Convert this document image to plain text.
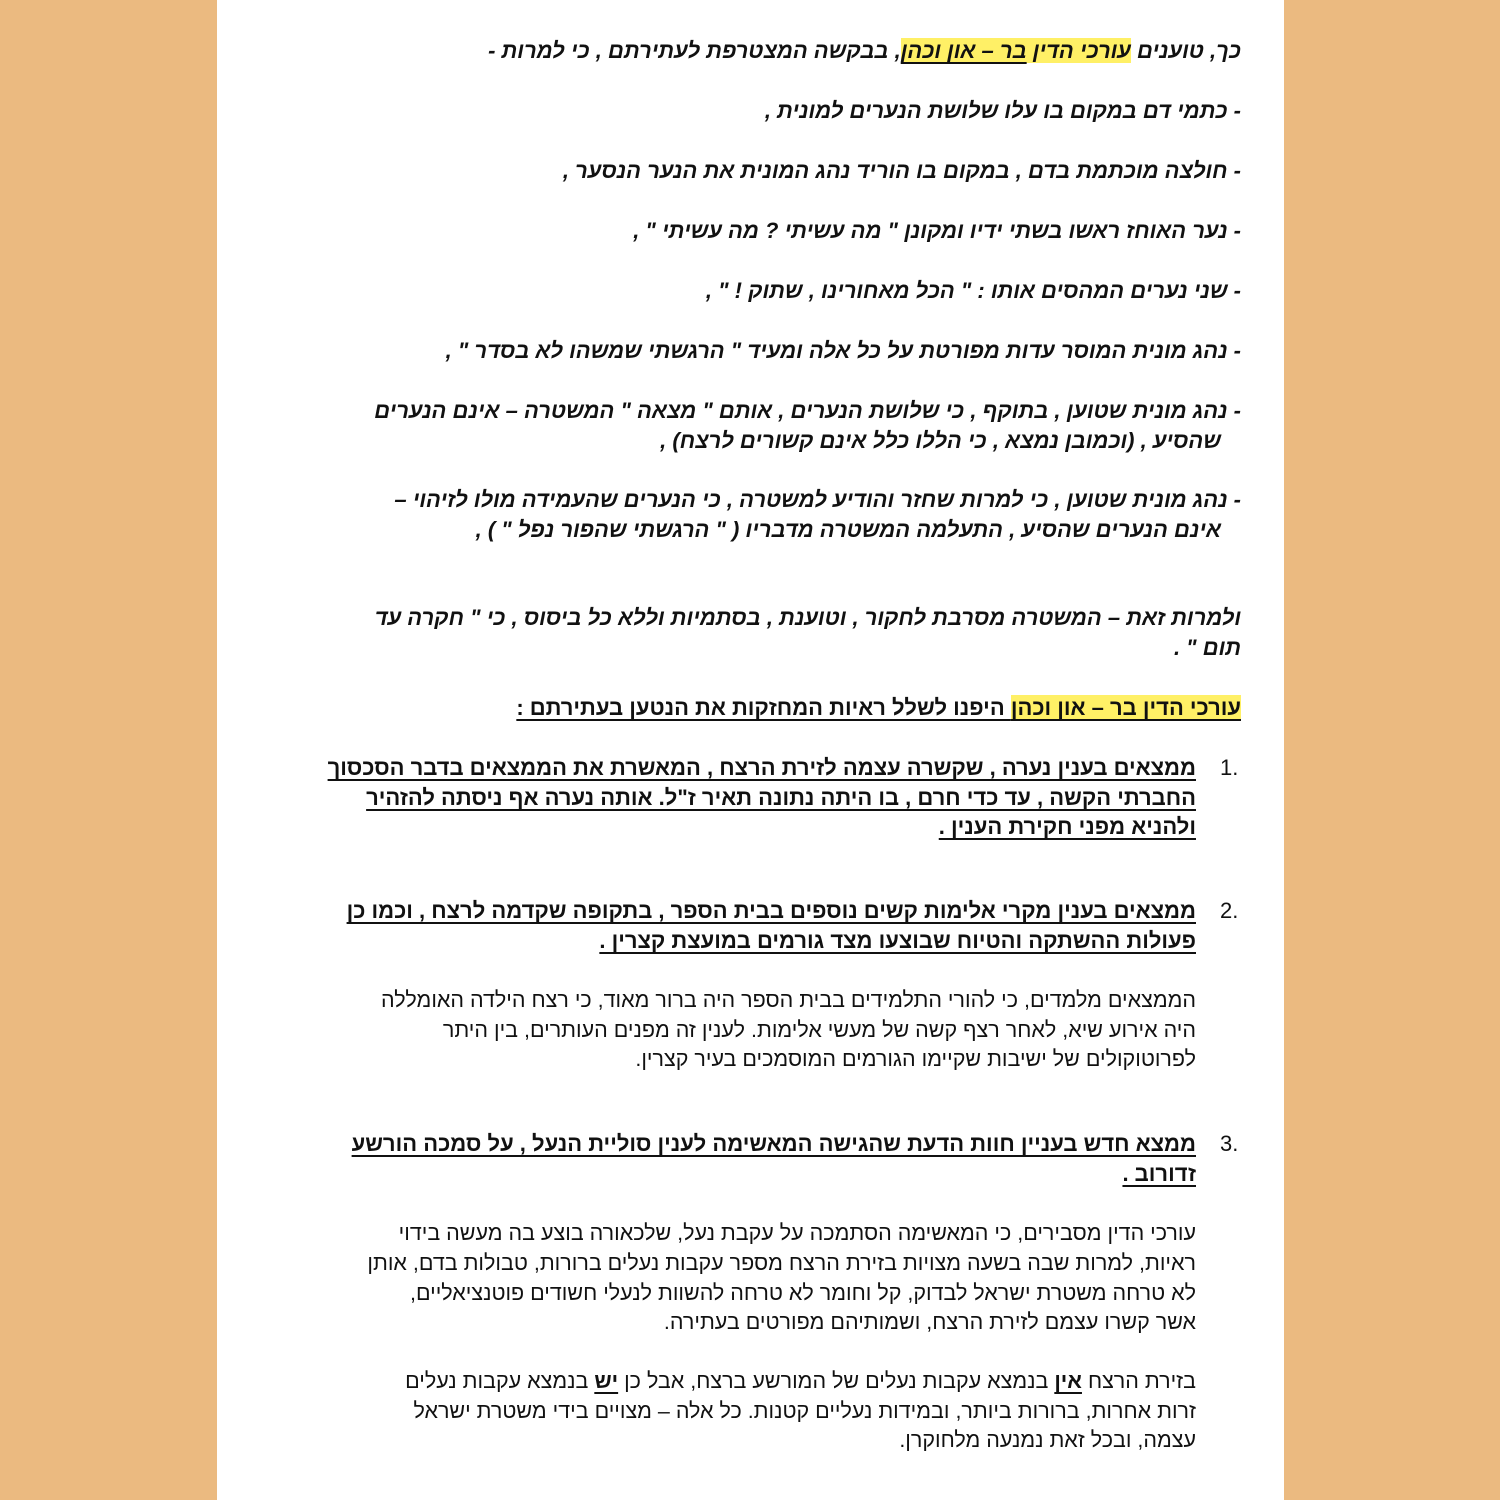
כך, טוענים עורכי הדין בר – און וכהן, בבקשה המצטרפת לעתירתם , כי למרות -
- כתמי דם במקום בו עלו שלושת הנערים למונית ,
- חולצה מוכתמת בדם , במקום בו הוריד נהג המונית את הנער הנסער ,
- נער האוחז ראשו בשתי ידיו ומקונן " מה עשיתי ? מה עשיתי " ,
- שני נערים המהסים אותו : " הכל מאחורינו , שתוק ! " ,
- נהג מונית המוסר עדות מפורטת על כל אלה ומעיד " הרגשתי שמשהו לא בסדר " ,
- נהג מונית שטוען , בתוקף , כי שלושת הנערים , אותם " מצאה " המשטרה – אינם הנערים
שהסיע , (וכמובן נמצא , כי הללו כלל אינם קשורים לרצח) ,
- נהג מונית שטוען , כי למרות שחזר והודיע למשטרה , כי הנערים שהעמידה מולו לזיהוי –
אינם הנערים שהסיע , התעלמה המשטרה מדבריו ( " הרגשתי שהפור נפל " ) ,
ולמרות זאת – המשטרה מסרבת לחקור , וטוענת , בסתמיות וללא כל ביסוס , כי " חקרה עד
תום " .
עורכי הדין בר – און וכהן היפנו לשלל ראיות המחזקות את הנטען בעתירתם :
1.
ממצאים בענין נערה , שקשרה עצמה לזירת הרצח , המאשרת את הממצאים בדבר הסכסוך
החברתי הקשה , עד כדי חרם , בו היתה נתונה תאיר ז"ל. אותה נערה אף ניסתה להזהיר
ולהניא מפני חקירת הענין .
2.
ממצאים בענין מקרי אלימות קשים נוספים בבית הספר , בתקופה שקדמה לרצח , וכמו כן
פעולות ההשתקה והטיוח שבוצעו מצד גורמים במועצת קצרין .
הממצאים מלמדים, כי להורי התלמידים בבית הספר היה ברור מאוד, כי רצח הילדה האומללה
היה אירוע שיא, לאחר רצף קשה של מעשי אלימות. לענין זה מפנים העותרים, בין היתר
לפרוטוקולים של ישיבות שקיימו הגורמים המוסמכים בעיר קצרין.
3.
ממצא חדש בעניין חוות הדעת שהגישה המאשימה לענין סוליית הנעל , על סמכה הורשע
זדורוב .
עורכי הדין מסבירים, כי המאשימה הסתמכה על עקבת נעל, שלכאורה בוצע בה מעשה בידוי
ראיות, למרות שבה בשעה מצויות בזירת הרצח מספר עקבות נעלים ברורות, טבולות בדם, אותן
לא טרחה משטרת ישראל לבדוק, קל וחומר לא טרחה להשוות לנעלי חשודים פוטנציאליים,
אשר קשרו עצמם לזירת הרצח, ושמותיהם מפורטים בעתירה.
בזירת הרצח אין בנמצא עקבות נעלים של המורשע ברצח, אבל כן יש בנמצא עקבות נעלים
זרות אחרות, ברורות ביותר, ובמידות נעליים קטנות. כל אלה – מצויים בידי משטרת ישראל
עצמה, ובכל זאת נמנעה מלחוקרן.
